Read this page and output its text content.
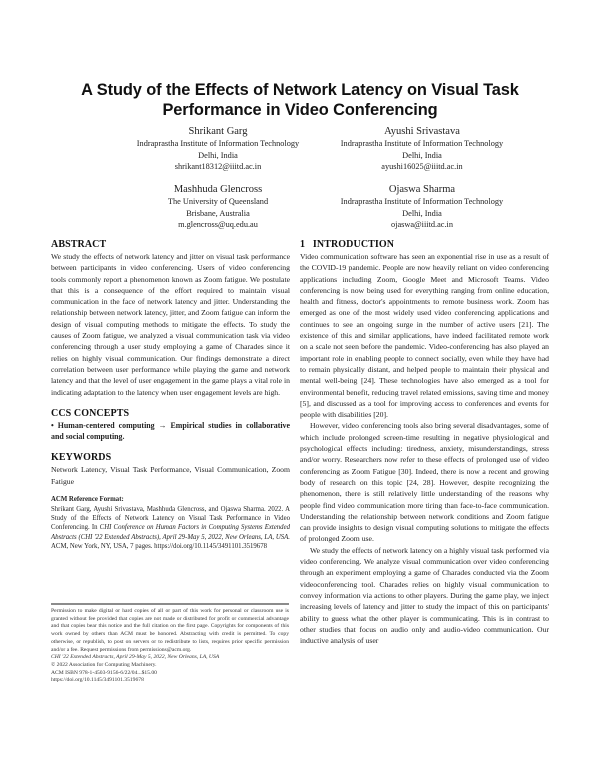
A Study of the Effects of Network Latency on Visual Task
Performance in Video Conferencing
Shrikant Garg
Indraprastha Institute of Information Technology
Delhi, India
shrikant18312@iiitd.ac.in
Ayushi Srivastava
Indraprastha Institute of Information Technology
Delhi, India
ayushi16025@iiitd.ac.in
Mashhuda Glencross
The University of Queensland
Brisbane, Australia
m.glencross@uq.edu.au
Ojaswa Sharma
Indraprastha Institute of Information Technology
Delhi, India
ojaswa@iiitd.ac.in
ABSTRACT

We study the effects of network latency and jitter on visual task performance between participants in video conferencing. Users of video conferencing tools commonly report a phenomenon known as Zoom fatigue. We postulate that this is a consequence of the effort required to maintain visual communication in the face of network latency and jitter. Understanding the relationship between network latency, jitter, and Zoom fatigue can inform the design of visual computing methods to mitigate the effects. To study the causes of Zoom fatigue, we analyzed a visual communication task via video conferencing through a user study employing a game of Charades since it relies on highly visual communication. Our findings demonstrate a direct correlation between user performance while playing the game and network latency and that the level of user engagement in the game plays a vital role in indicating adaptation to the latency when user engagement levels are high.

CCS CONCEPTS

• Human-centered computing → Empirical studies in collaborative and social computing.

KEYWORDS

Network Latency, Visual Task Performance, Visual Communication, Zoom Fatigue

ACM Reference Format:

Shrikant Garg, Ayushi Srivastava, Mashhuda Glencross, and Ojaswa Sharma. 2022. A Study of the Effects of Network Latency on Visual Task Performance in Video Conferencing. In CHI Conference on Human Factors in Computing Systems Extended Abstracts (CHI '22 Extended Abstracts), April 29-May 5, 2022, New Orleans, LA, USA. ACM, New York, NY, USA, 7 pages. https://doi.org/10.1145/3491101.3519678

Permission to make digital or hard copies of all or part of this work for personal or classroom use is granted without fee provided that copies are not made or distributed for profit or commercial advantage and that copies bear this notice and the full citation on the first page. Copyrights for components of this work owned by others than ACM must be honored. Abstracting with credit is permitted. To copy otherwise, or republish, to post on servers or to redistribute to lists, requires prior specific permission and/or a fee. Request permissions from permissions@acm.org.
CHI '22 Extended Abstracts, April 29-May 5, 2022, New Orleans, LA, USA
© 2022 Association for Computing Machinery.
ACM ISBN 978-1-4503-9156-6/22/04...$15.00
https://doi.org/10.1145/3491101.3519678
1   INTRODUCTION

Video communication software has seen an exponential rise in use as a result of the COVID-19 pandemic. People are now heavily reliant on video conferencing applications including Zoom, Google Meet and Microsoft Teams. Video conferencing is now being used for everything ranging from online education, health and fitness, doctor's appointments to remote business work. Zoom has emerged as one of the most widely used video conferencing applications and continues to see an ongoing surge in the number of active users [21]. The existence of this and similar applications, have indeed facilitated remote work on a scale not seen before the pandemic. Video-conferencing has also played an important role in enabling people to connect socially, even while they have had to remain physically distant, and helped people to maintain their physical and mental well-being [24]. These technologies have also emerged as a tool for environmental benefit, reducing travel related emissions, saving time and money [5], and discussed as a tool for improving access to conferences and events for people with disabilities [20].

However, video conferencing tools also bring several disadvantages, some of which include prolonged screen-time resulting in negative physiological and psychological effects including: tiredness, anxiety, misunderstandings, stress and/or worry. Researchers now refer to these effects of prolonged use of video conferencing as Zoom Fatigue [30]. Indeed, there is now a recent and growing body of research on this topic [24, 28]. However, despite recognizing the phenomenon, there is still relatively little understanding of the reasons why people find video communication more tiring than face-to-face communication. Understanding the relationship between network conditions and Zoom fatigue can provide insights to design visual computing solutions to mitigate the effects of prolonged Zoom use.

We study the effects of network latency on a highly visual task performed via video conferencing. We analyze visual communication over video conferencing through an experiment employing a game of Charades conducted via the Zoom videoconferencing tool. Charades relies on highly visual communication to convey information via actions to other players. During the game play, we inject increasing levels of latency and jitter to study the impact of this on participants' ability to guess what the other player is communicating. This is in contrast to other studies that focus on audio only and audio-video communication. Our inductive analysis of user
